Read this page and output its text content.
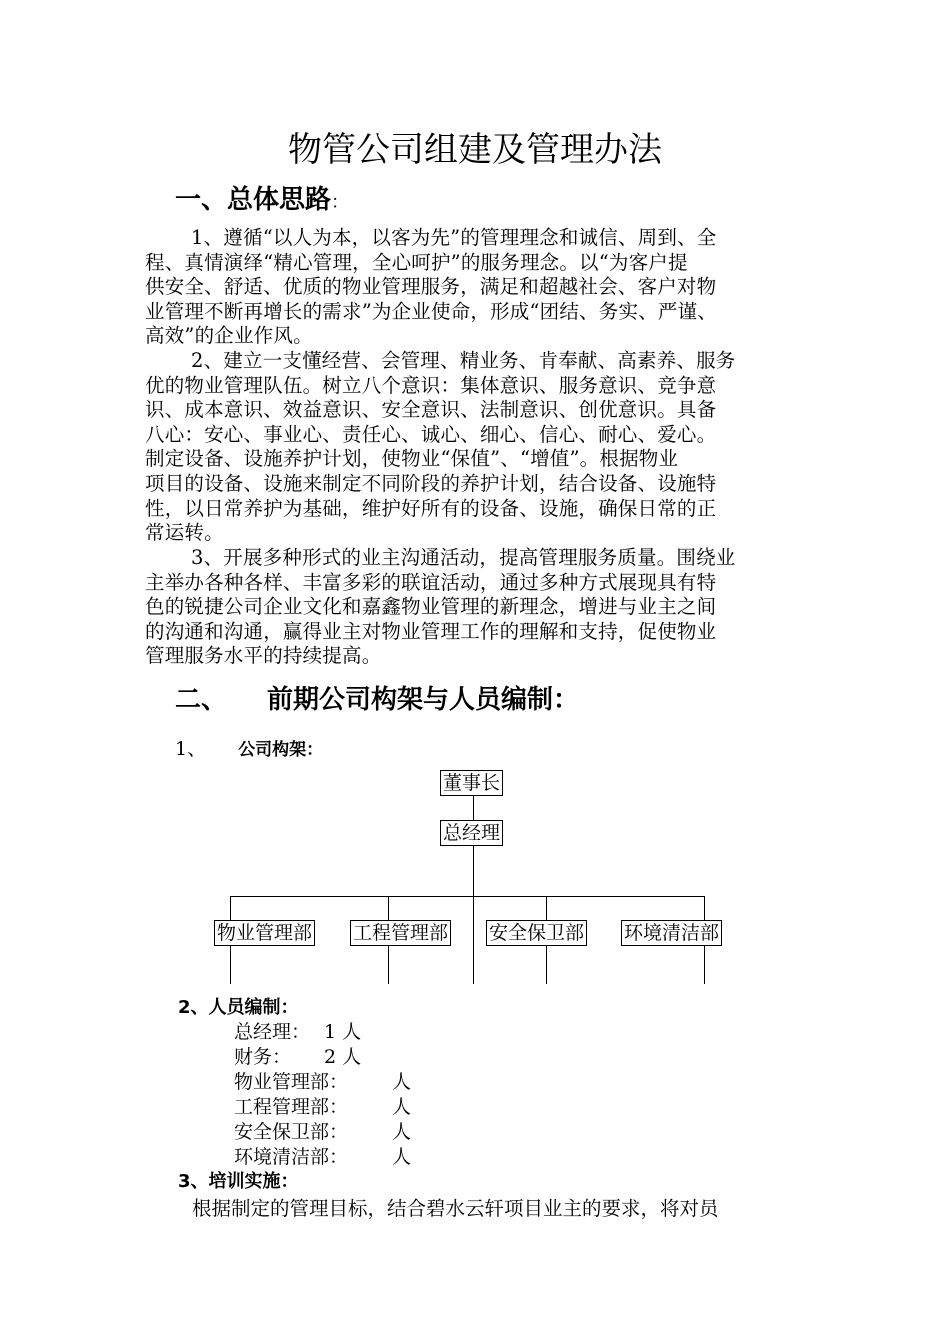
物管公司组建及管理办法
一、总体思路：
1、遵循“以人为本，以客为先”的管理理念和诚信、周到、全
程、真情演绎“精心管理，全心呵护”的服务理念。以“为客户提
供安全、舒适、优质的物业管理服务，满足和超越社会、客户对物
业管理不断再增长的需求”为企业使命，形成“团结、务实、严谨、
高效”的企业作风。
2、建立一支懂经营、会管理、精业务、肯奉献、高素养、服务
优的物业管理队伍。树立八个意识：集体意识、服务意识、竞争意
识、成本意识、效益意识、安全意识、法制意识、创优意识。具备
八心：安心、事业心、责任心、诚心、细心、信心、耐心、爱心。
制定设备、设施养护计划，使物业“保值”、“增值”。根据物业
项目的设备、设施来制定不同阶段的养护计划，结合设备、设施特
性，以日常养护为基础，维护好所有的设备、设施，确保日常的正
常运转。
3、开展多种形式的业主沟通活动，提高管理服务质量。围绕业
主举办各种各样、丰富多彩的联谊活动，通过多种方式展现具有特
色的锐捷公司企业文化和嘉鑫物业管理的新理念，增进与业主之间
的沟通和沟通，赢得业主对物业管理工作的理解和支持，促使物业
管理服务水平的持续提高。
二、 前期公司构架与人员编制：
1、 公司构架：
董事长
总经理
物业管理部 工程管理部 安全保卫部 环境清洁部
2、人员编制：
总经理： 1 人
财务： 2 人
物业管理部： 人
工程管理部： 人
安全保卫部： 人
环境清洁部： 人
3、培训实施：
根据制定的管理目标，结合碧水云轩项目业主的要求，将对员
